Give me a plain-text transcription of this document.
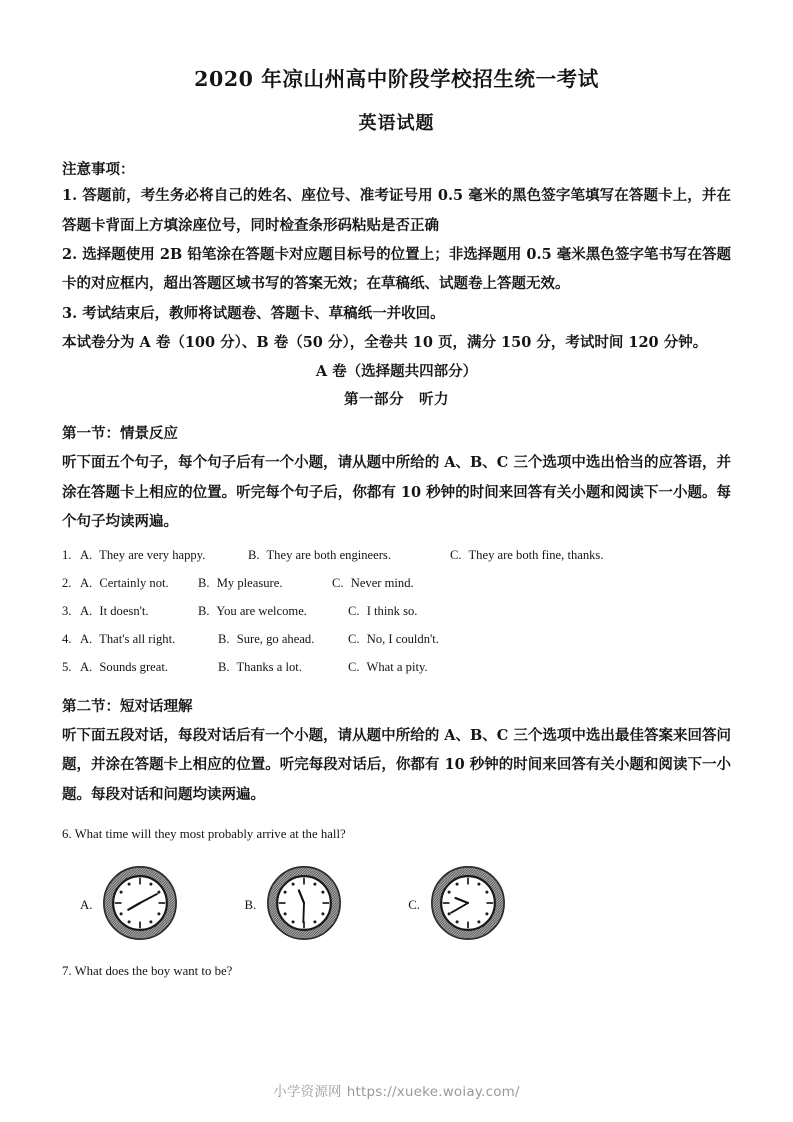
2020 年凉山州高中阶段学校招生统一考试
英语试题

注意事项：

1. 答题前，考生务必将自己的姓名、座位号、准考证号用 0.5 毫米的黑色签字笔填写在答题卡上，并在答题卡背面上方填涂座位号，同时检查条形码粘贴是否正确

2. 选择题使用 2B 铅笔涂在答题卡对应题目标号的位置上；非选择题用 0.5 毫米黑色签字笔书写在答题卡的对应框内，超出答题区域书写的答案无效；在草稿纸、试题卷上答题无效。

3. 考试结束后，教师将试题卷、答题卡、草稿纸一并收回。

本试卷分为 A 卷（100 分）、B 卷（50 分），全卷共 10 页，满分 150 分，考试时间 120 分钟。

A 卷（选择题共四部分）

第一部分　听力

第一节：情景反应

听下面五个句子，每个句子后有一个小题，请从题中所给的 A、B、C 三个选项中选出恰当的应答语，并涂在答题卡上相应的位置。听完每个句子后，你都有 10 秒钟的时间来回答有关小题和阅读下一小题。每个句子均读两遍。

1. A. They are very happy.	B. They are both engineers.	C. They are both fine, thanks.
2. A. Certainly not. B. My pleasure.	C. Never mind.
3. A. It doesn't.	B. You are welcome.	C. I think so.
4. A. That's all right.	B. Sure, go ahead.	C. No, I couldn't.
5. A. Sounds great.	B. Thanks a lot.	C. What a pity.

第二节：短对话理解

听下面五段对话，每段对话后有一个小题，请从题中所给的 A、B、C 三个选项中选出最佳答案来回答问题，并涂在答题卡上相应的位置。听完每段对话后，你都有 10 秒钟的时间来回答有关小题和阅读下一小题。每段对话和问题均读两遍。

6. What time will they most probably arrive at the hall?

A.	B.	C.

7. What does the boy want to be?

小学资源网 https://xueke.woiay.com/
